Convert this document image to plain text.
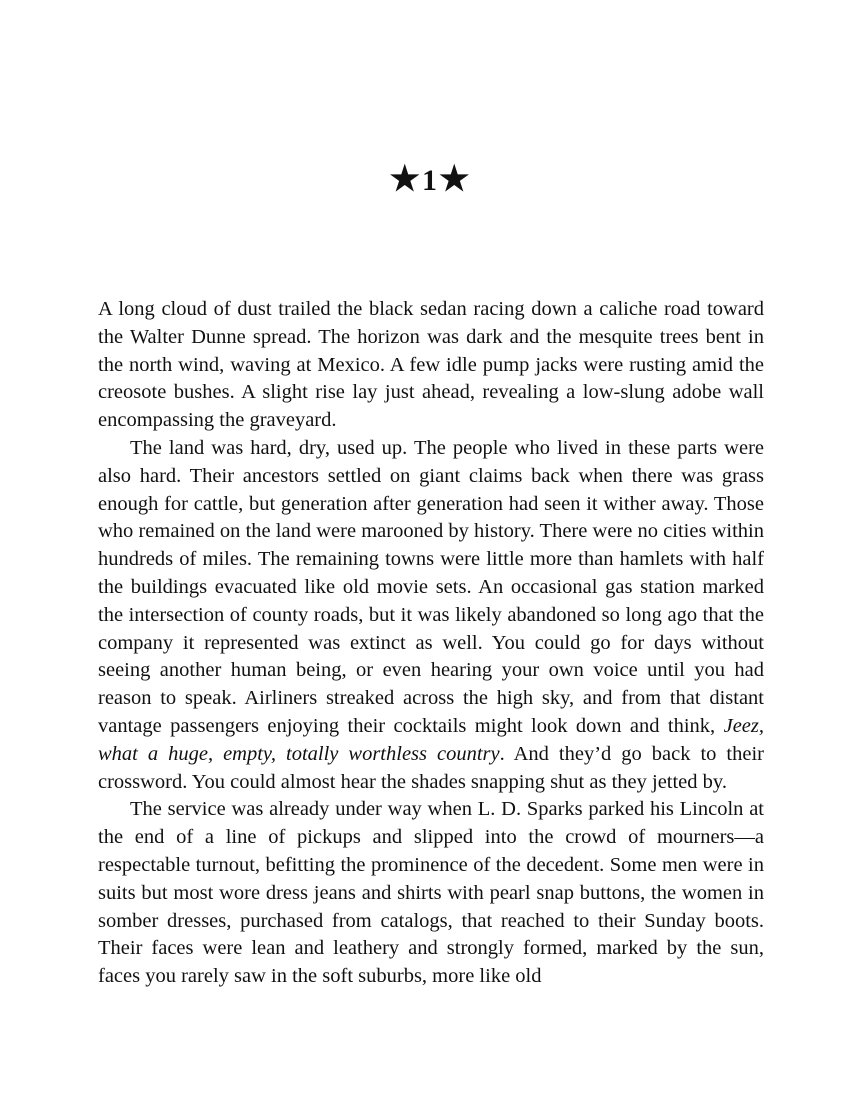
★1★

A long cloud of dust trailed the black sedan racing down a caliche road toward the Walter Dunne spread. The horizon was dark and the mesquite trees bent in the north wind, waving at Mexico. A few idle pump jacks were rusting amid the creosote bushes. A slight rise lay just ahead, revealing a low-slung adobe wall encompassing the graveyard.

The land was hard, dry, used up. The people who lived in these parts were also hard. Their ancestors settled on giant claims back when there was grass enough for cattle, but generation after generation had seen it wither away. Those who remained on the land were marooned by history. There were no cities within hundreds of miles. The remaining towns were little more than hamlets with half the buildings evacuated like old movie sets. An occasional gas station marked the intersection of county roads, but it was likely abandoned so long ago that the company it represented was extinct as well. You could go for days without seeing another human being, or even hearing your own voice until you had reason to speak. Airliners streaked across the high sky, and from that distant vantage passengers enjoying their cocktails might look down and think, Jeez, what a huge, empty, totally worthless country. And they’d go back to their crossword. You could almost hear the shades snapping shut as they jetted by.

The service was already under way when L. D. Sparks parked his Lincoln at the end of a line of pickups and slipped into the crowd of mourners—a respectable turnout, befitting the prominence of the decedent. Some men were in suits but most wore dress jeans and shirts with pearl snap buttons, the women in somber dresses, purchased from catalogs, that reached to their Sunday boots. Their faces were lean and leathery and strongly formed, marked by the sun, faces you rarely saw in the soft suburbs, more like old
